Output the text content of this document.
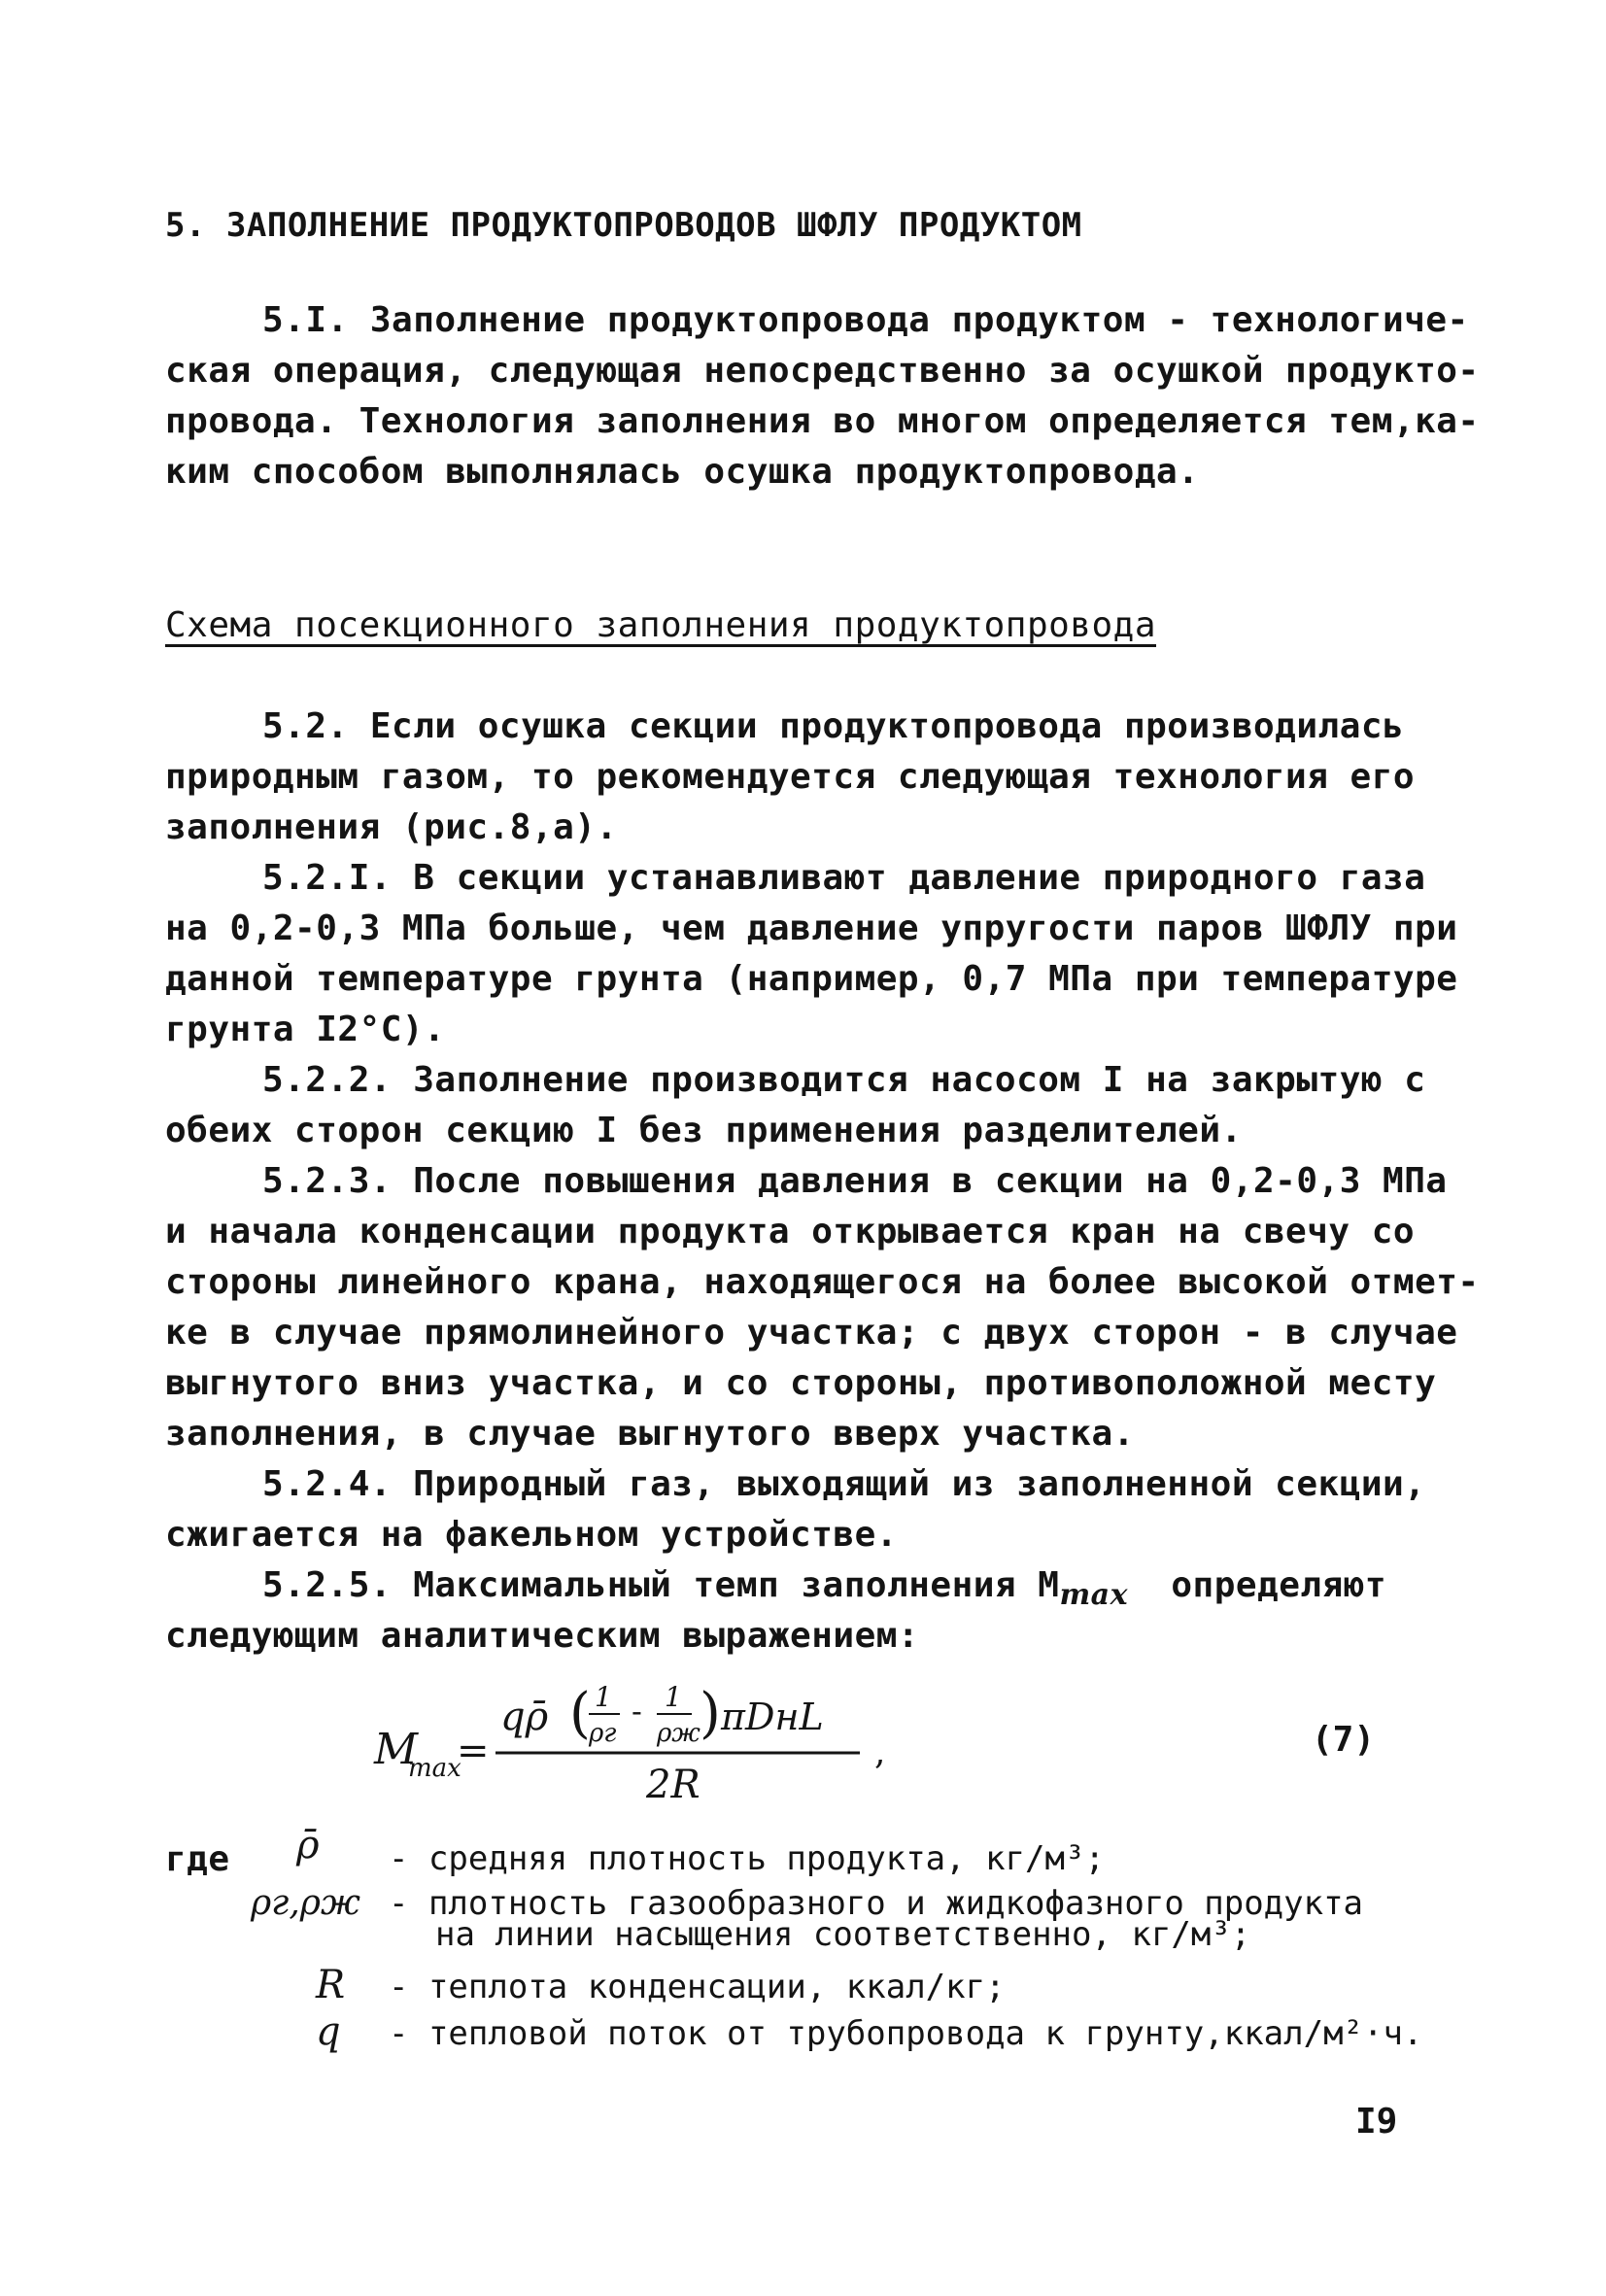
5. ЗАПОЛНЕНИЕ ПРОДУКТОПРОВОДОВ ШФЛУ ПРОДУКТОМ
5.I. Заполнение продуктопровода продуктом - технологиче-
ская операция, следующая непосредственно за осушкой продукто-
провода. Технология заполнения во многом определяется тем,ка-
ким способом выполнялась осушка продуктопровода.
Схема посекционного заполнения продуктопровода
5.2. Если осушка секции продуктопровода производилась
природным газом, то рекомендуется следующая технология его
заполнения (рис.8,а).
5.2.I. В секции устанавливают давление природного газа
на 0,2-0,3 МПа больше, чем давление упругости паров ШФЛУ при
данной температуре грунта (например, 0,7 МПа при температуре
грунта I2°C).
5.2.2. Заполнение производится насосом I на закрытую с
обеих сторон секцию I без применения разделителей.
5.2.3. После повышения давления в секции на 0,2-0,3 МПа
и начала конденсации продукта открывается кран на свечу со
стороны линейного крана, находящегося на более высокой отмет-
ке в случае прямолинейного участка; с двух сторон - в случае
выгнутого вниз участка, и со стороны, противоположной месту
заполнения, в случае выгнутого вверх участка.
5.2.4. Природный газ, выходящий из заполненной секции,
сжигается на факельном устройстве.
5.2.5. Максимальный темп заполнения $M_{max}$  определяют
следующим аналитическим выражением:
M
max
=
qρ̄ ( 1
ρг
- 1
ρж ) πDнL
2R
,	(7)
где ρ̄ - средняя плотность продукта, кг/м³;
ρг,ρж - плотность газообразного и жидкофазного продукта
на линии насыщения соответственно, кг/м³;
R - теплота конденсации, ккал/кг;
q - тепловой поток от трубопровода к грунту,ккал/м²·ч.
I9
